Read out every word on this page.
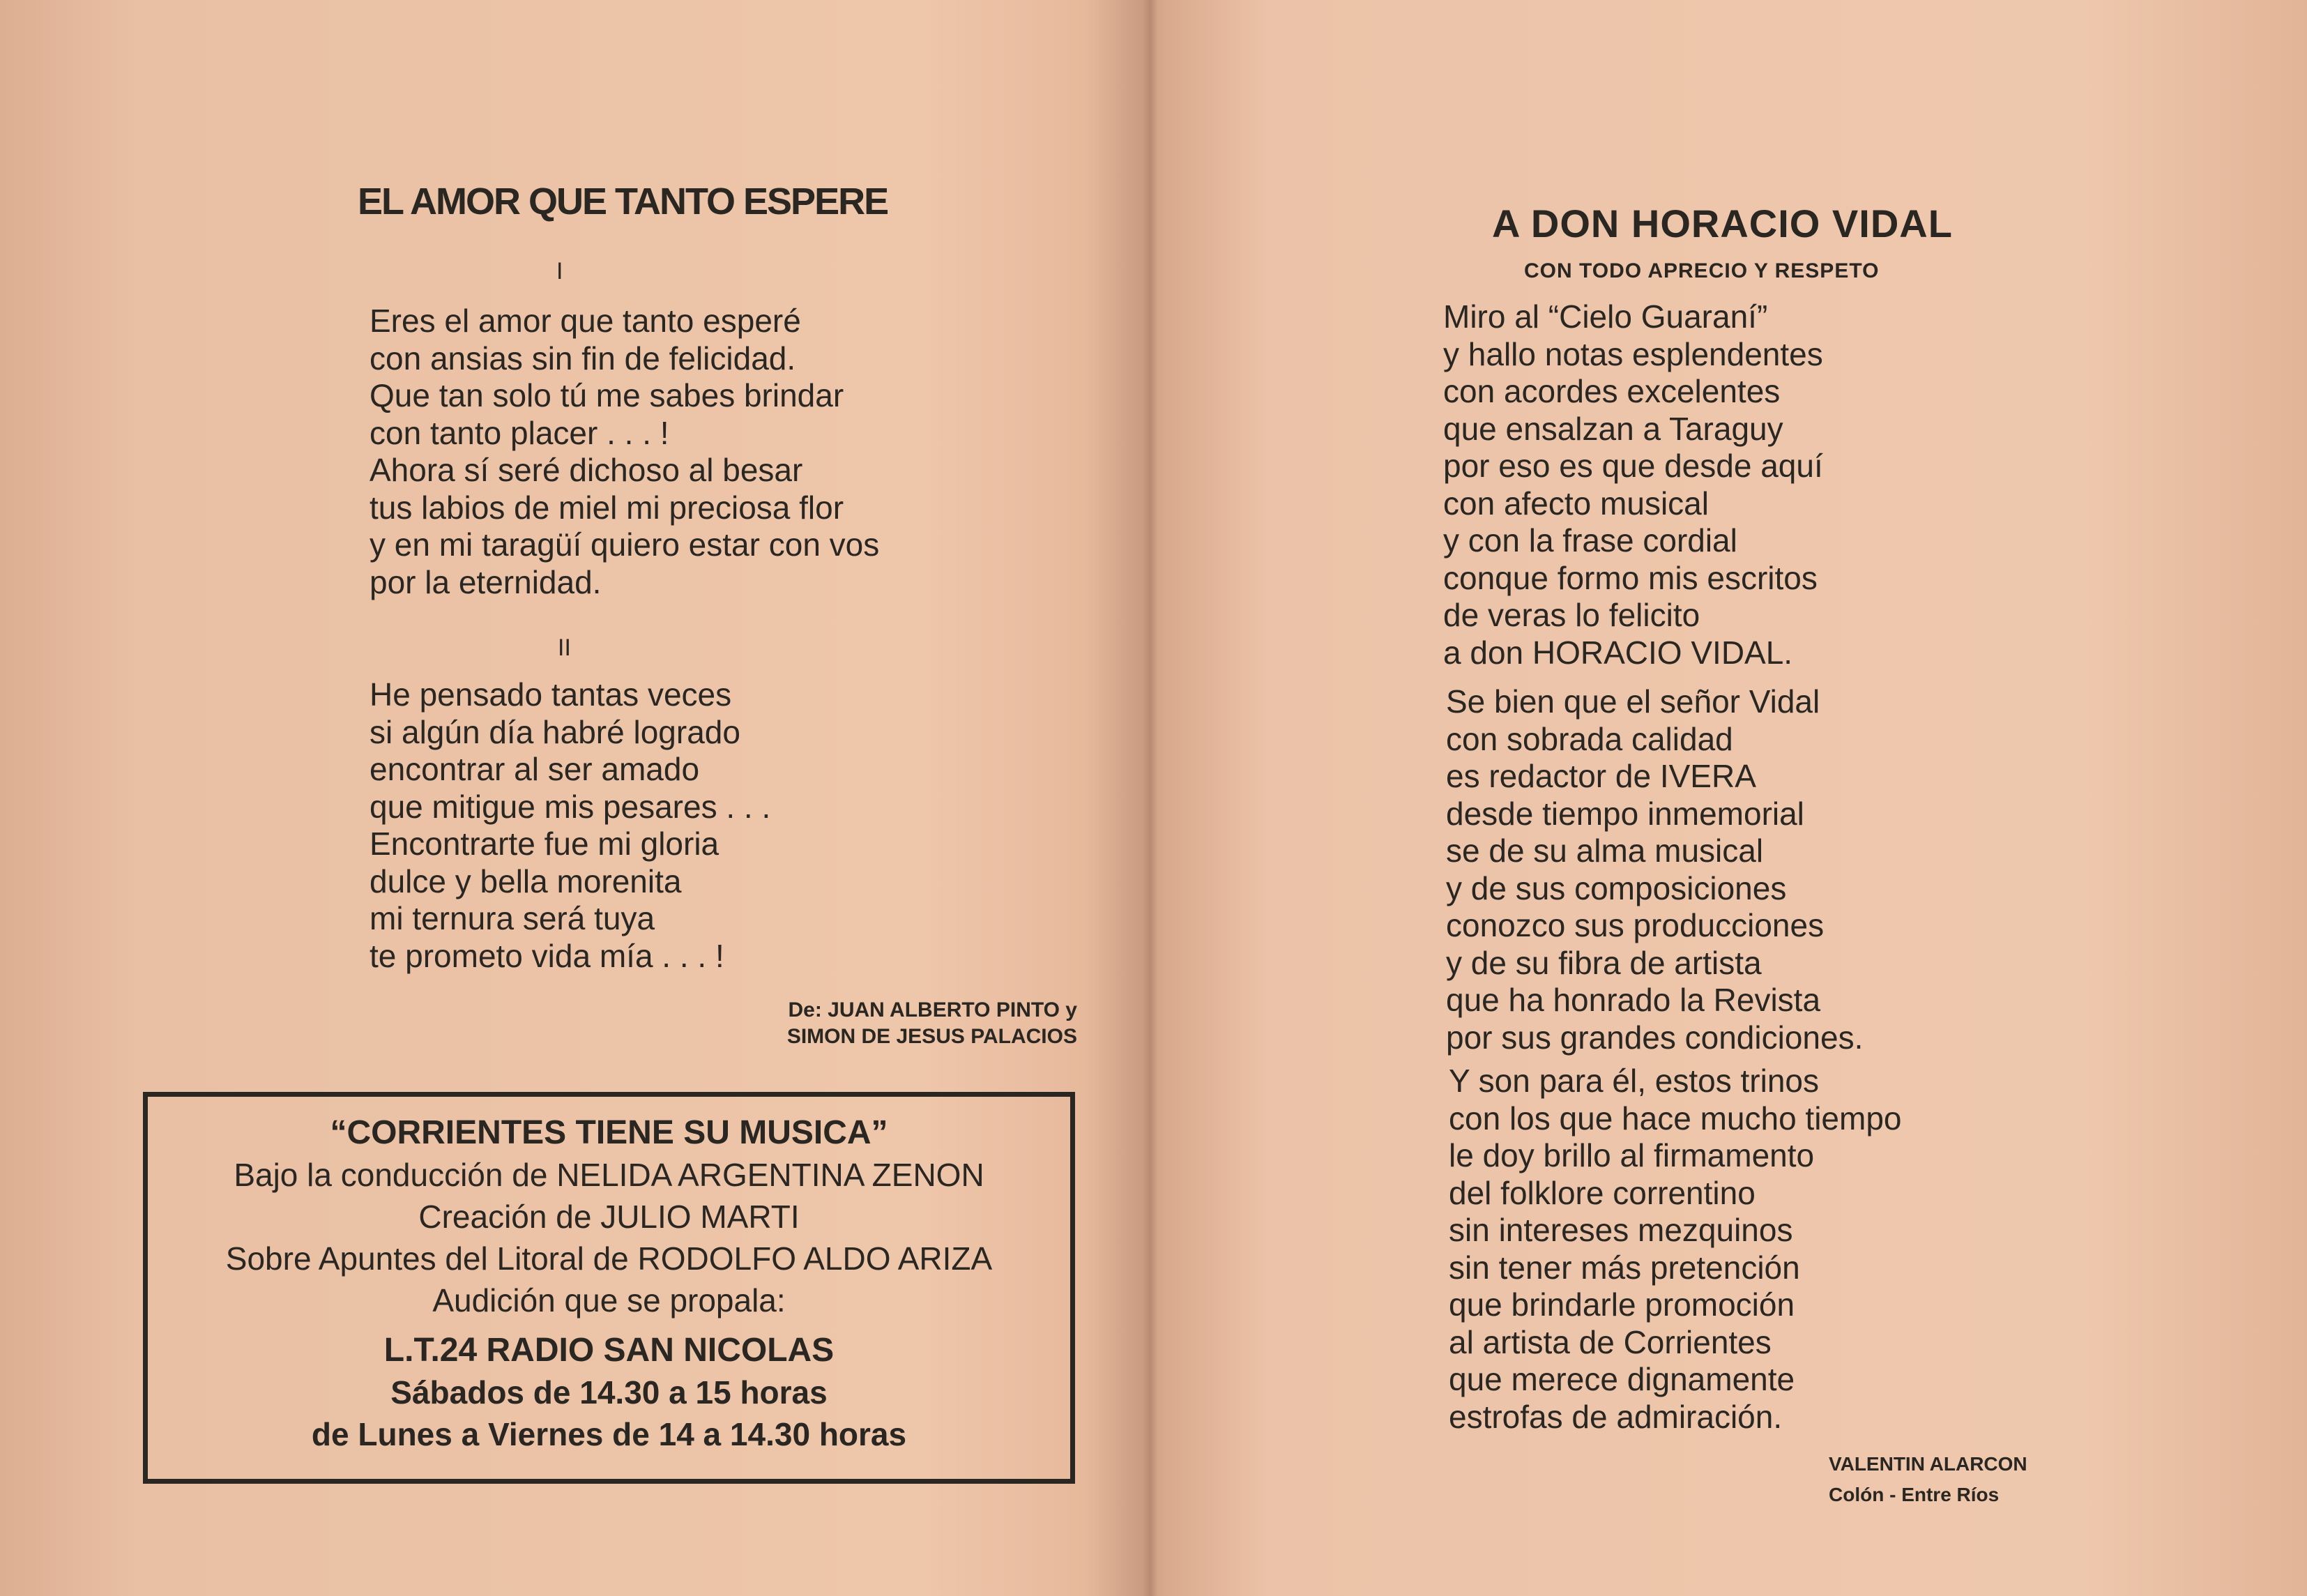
EL AMOR QUE TANTO ESPERE
I
Eres el amor que tanto esperé
con ansias sin fin de felicidad.
Que tan solo tú me sabes brindar
con tanto placer . . . !
Ahora sí seré dichoso al besar
tus labios de miel mi preciosa flor
y en mi taragüí quiero estar con vos
por la eternidad.
II
He pensado tantas veces
si algún día habré logrado
encontrar al ser amado
que mitigue mis pesares . . .
Encontrarte fue mi gloria
dulce y bella morenita
mi ternura será tuya
te prometo vida mía . . . !
De: JUAN ALBERTO PINTO y
SIMON DE JESUS PALACIOS
“CORRIENTES TIENE SU MUSICA”
Bajo la conducción de NELIDA ARGENTINA ZENON
Creación de JULIO MARTI
Sobre Apuntes del Litoral de RODOLFO ALDO ARIZA
Audición que se propala:
L.T.24 RADIO SAN NICOLAS
Sábados de 14.30 a 15 horas
de Lunes a Viernes de 14 a 14.30 horas
A DON HORACIO VIDAL
CON TODO APRECIO Y RESPETO
Miro al “Cielo Guaraní”
y hallo notas esplendentes
con acordes excelentes
que ensalzan a Taraguy
por eso es que desde aquí
con afecto musical
y con la frase cordial
conque formo mis escritos
de veras lo felicito
a don HORACIO VIDAL.
Se bien que el señor Vidal
con sobrada calidad
es redactor de IVERA
desde tiempo inmemorial
se de su alma musical
y de sus composiciones
conozco sus producciones
y de su fibra de artista
que ha honrado la Revista
por sus grandes condiciones.
Y son para él, estos trinos
con los que hace mucho tiempo
le doy brillo al firmamento
del folklore correntino
sin intereses mezquinos
sin tener más pretención
que brindarle promoción
al artista de Corrientes
que merece dignamente
estrofas de admiración.
VALENTIN ALARCON
Colón - Entre Ríos
